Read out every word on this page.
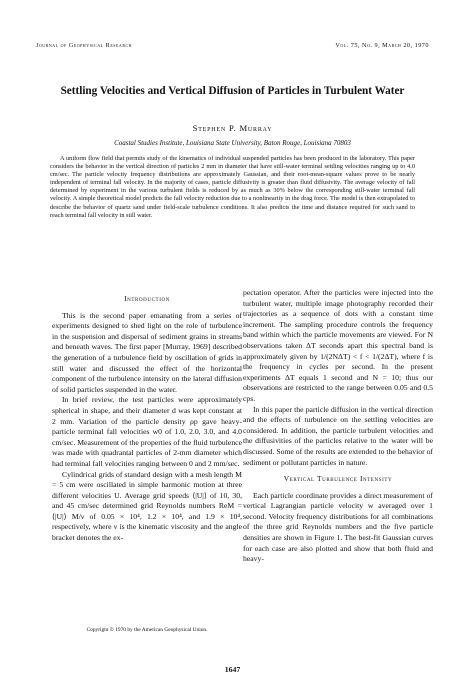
Journal of Geophysical Research	Vol. 75, No. 9, March 20, 1970
Settling Velocities and Vertical Diffusion of Particles in Turbulent Water
Stephen P. Murray
Coastal Studies Institute, Louisiana State University, Baton Rouge, Louisiana 70803
A uniform flow field that permits study of the kinematics of individual suspended particles has been produced in the laboratory. This paper considers the behavior in the vertical direction of particles 2 mm in diameter that have still-water terminal settling velocities ranging up to 4.0 cm/sec. The particle velocity frequency distributions are approximately Gaussian, and their root-mean-square values prove to be nearly independent of terminal fall velocity. In the majority of cases, particle diffusivity is greater than fluid diffusivity. The average velocity of fall determined by experiment in the various turbulent fields is reduced by as much as 30% below the corresponding still-water terminal fall velocity. A simple theoretical model predicts the fall velocity reduction due to a nonlinearity in the drag force. The model is then extrapolated to describe the behavior of quartz sand under field-scale turbulence conditions. It also predicts the time and distance required for such sand to reach terminal fall velocity in still water.
Introduction

This is the second paper emanating from a series of experiments designed to shed light on the role of turbulence in the suspension and dispersal of sediment grains in streams and beneath waves. The first paper [Murray, 1969] described the generation of a turbulence field by oscillation of grids in still water and discussed the effect of the horizontal component of the turbulence intensity on the lateral diffusion of solid particles suspended in the water.

In brief review, the test particles were approximately spherical in shape, and their diameter d was kept constant at 2 mm. Variation of the particle density ρp gave heavy-particle terminal fall velocities w0 of 1.0, 2.0, 3.0, and 4.0 cm/sec. Measurement of the properties of the fluid turbulence was made with quadrantal particles of 2-mm diameter which had terminal fall velocities ranging between 0 and 2 mm/sec.

Cylindrical grids of standard design with a mesh length M = 5 cm were oscillated in simple harmonic motion at three different velocities U. Average grid speeds ⟨|U|⟩ of 10, 30, and 45 cm/sec determined grid Reynolds numbers ReM = ⟨|U|⟩ M/ν of 0.05 × 10⁴, 1.2 × 10⁴, and 1.9 × 10⁴, respectively, where ν is the kinematic viscosity and the angle bracket denotes the ex-

pectation operator. After the particles were injected into the turbulent water, multiple image photography recorded their trajectories as a sequence of dots with a constant time increment. The sampling procedure controls the frequency band within which the particle movements are viewed. For N observations taken ΔT seconds apart this spectral band is approximately given by 1/(2NΔT) < f < 1/(2ΔT), where f is the frequency in cycles per second. In the present experiments ΔT equals 1 second and N = 10; thus our observations are restricted to the range between 0.05 and 0.5 cps.

In this paper the particle diffusion in the vertical direction and the effects of turbulence on the settling velocities are considered. In addition, the particle turbulent velocities and the diffusivities of the particles relative to the water will be discussed. Some of the results are extended to the behavior of sediment or pollutant particles in nature.

Vertical Turbulence Intensity

Each particle coordinate provides a direct measurement of vertical Lagrangian particle velocity w averaged over 1 second. Velocity frequency distributions for all combinations of the three grid Reynolds numbers and the five particle densities are shown in Figure 1. The best-fit Gaussian curves for each case are also plotted and show that both fluid and heavy-

Copyright © 1970 by the American Geophysical Union.
1647
